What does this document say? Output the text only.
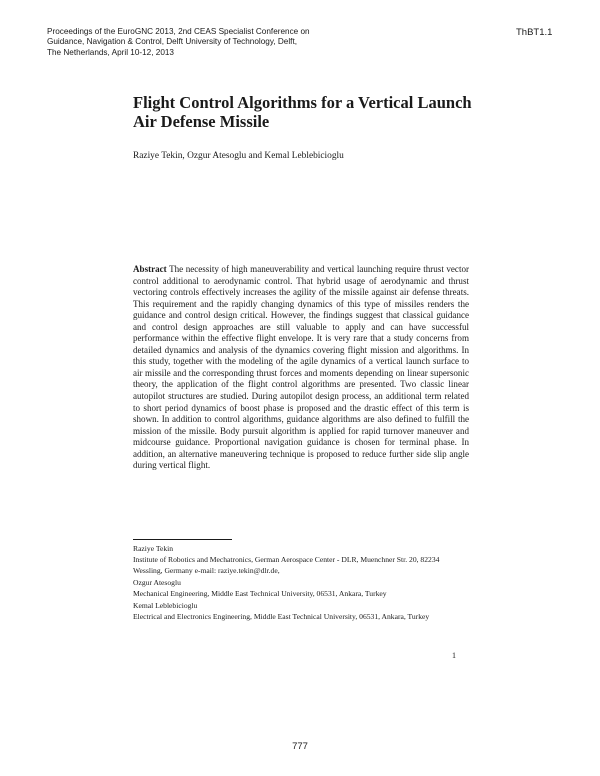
Proceedings of the EuroGNC 2013, 2nd CEAS Specialist Conference on
Guidance, Navigation & Control, Delft University of Technology, Delft,
The Netherlands, April 10-12, 2013
ThBT1.1
Flight Control Algorithms for a Vertical Launch
Air Defense Missile
Raziye Tekin, Ozgur Atesoglu and Kemal Leblebicioglu
Abstract The necessity of high maneuverability and vertical launching require thrust vector control additional to aerodynamic control. That hybrid usage of aerodynamic and thrust vectoring controls effectively increases the agility of the missile against air defense threats. This requirement and the rapidly changing dynamics of this type of missiles renders the guidance and control design critical. However, the findings suggest that classical guidance and control design approaches are still valuable to apply and can have successful performance within the effective flight envelope. It is very rare that a study concerns from detailed dynamics and analysis of the dynamics covering flight mission and algorithms. In this study, together with the modeling of the agile dynamics of a vertical launch surface to air missile and the corresponding thrust forces and moments depending on linear supersonic theory, the application of the flight control algorithms are presented. Two classic linear autopilot structures are studied. During autopilot design process, an additional term related to short period dynamics of boost phase is proposed and the drastic effect of this term is shown. In addition to control algorithms, guidance algorithms are also defined to fulfill the mission of the missile. Body pursuit algorithm is applied for rapid turnover maneuver and midcourse guidance. Proportional navigation guidance is chosen for terminal phase. In addition, an alternative maneuvering technique is proposed to reduce further side slip angle during vertical flight.
Raziye Tekin
Institute of Robotics and Mechatronics, German Aerospace Center - DLR, Muenchner Str. 20, 82234 Wessling, Germany e-mail: raziye.tekin@dlr.de,
Ozgur Atesoglu
Mechanical Engineering, Middle East Technical University, 06531, Ankara, Turkey
Kemal Leblebicioglu
Electrical and Electronics Engineering, Middle East Technical University, 06531, Ankara, Turkey
1
777
